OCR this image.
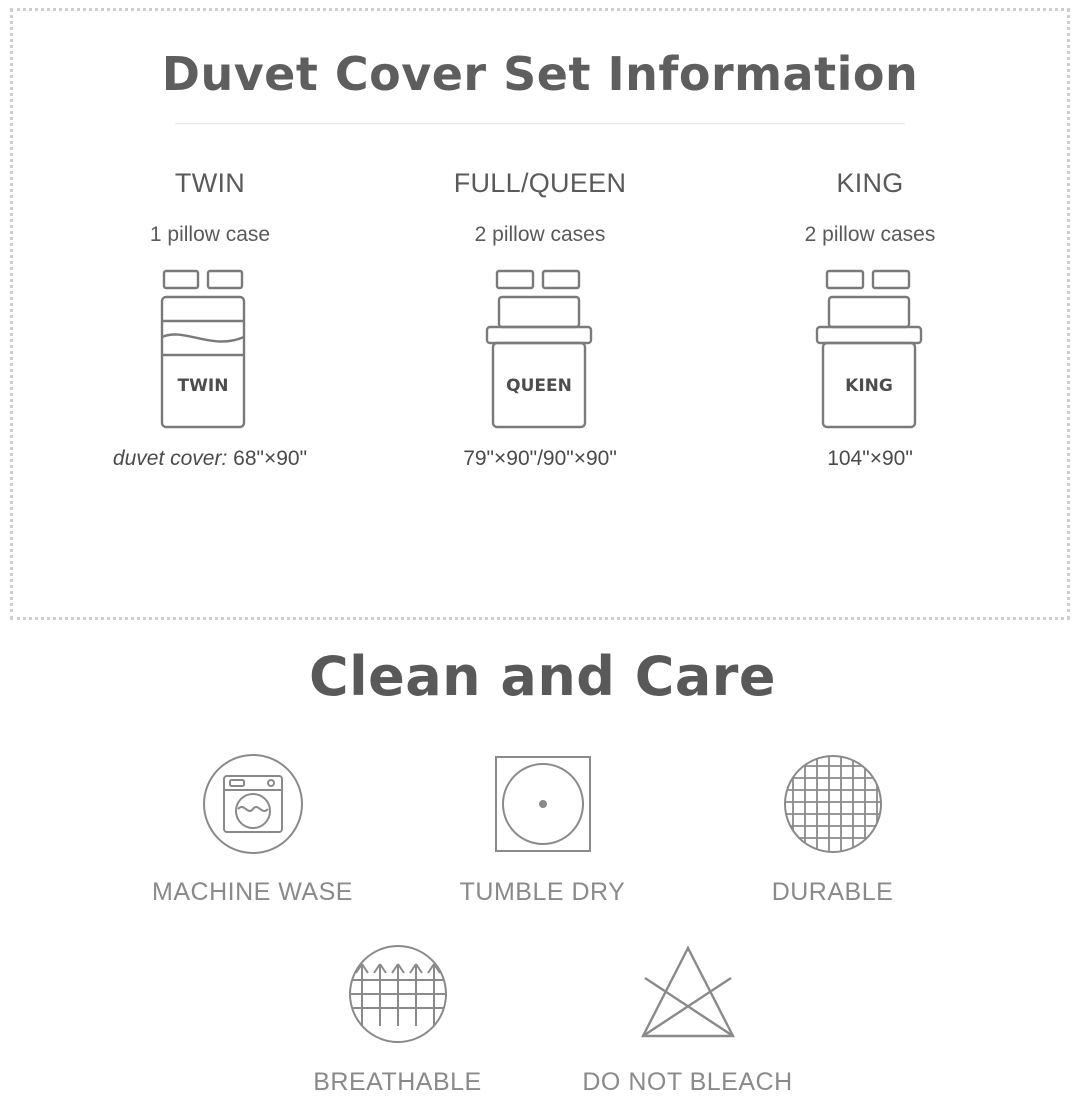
Duvet Cover Set Information
TWIN
1 pillow case
TWIN
duvet cover: 68"×90"
FULL/QUEEN
2 pillow cases
QUEEN
79"×90"/90"×90"
KING
2 pillow cases
KING
104"×90"
Clean and Care
MACHINE WASE	TUMBLE DRY	DURABLE
BREATHABLE	DO NOT BLEACH
